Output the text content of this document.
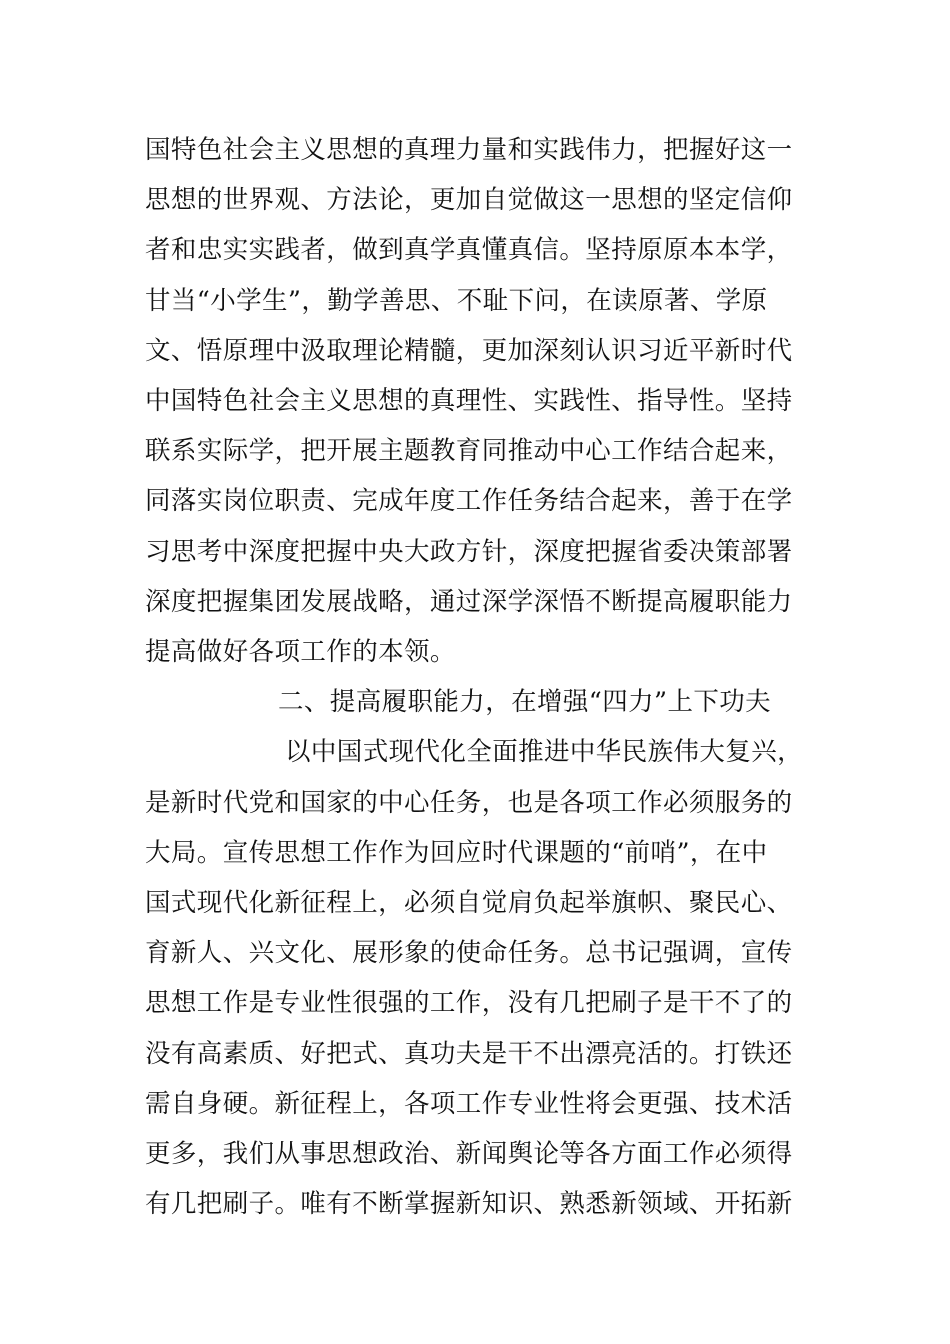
国特色社会主义思想的真理力量和实践伟力，把握好这一
思想的世界观、方法论，更加自觉做这一思想的坚定信仰
者和忠实实践者，做到真学真懂真信。坚持原原本本学，
甘当“小学生”，勤学善思、不耻下问，在读原著、学原
文、悟原理中汲取理论精髓，更加深刻认识习近平新时代
中国特色社会主义思想的真理性、实践性、指导性。坚持
联系实际学，把开展主题教育同推动中心工作结合起来，
同落实岗位职责、完成年度工作任务结合起来，善于在学
习思考中深度把握中央大政方针，深度把握省委决策部署
深度把握集团发展战略，通过深学深悟不断提高履职能力
提高做好各项工作的本领。
二、提高履职能力，在增强“四力”上下功夫
以中国式现代化全面推进中华民族伟大复兴，
是新时代党和国家的中心任务，也是各项工作必须服务的
大局。宣传思想工作作为回应时代课题的“前哨”，在中
国式现代化新征程上，必须自觉肩负起举旗帜、聚民心、
育新人、兴文化、展形象的使命任务。总书记强调，宣传
思想工作是专业性很强的工作，没有几把刷子是干不了的
没有高素质、好把式、真功夫是干不出漂亮活的。打铁还
需自身硬。新征程上，各项工作专业性将会更强、技术活
更多，我们从事思想政治、新闻舆论等各方面工作必须得
有几把刷子。唯有不断掌握新知识、熟悉新领域、开拓新
